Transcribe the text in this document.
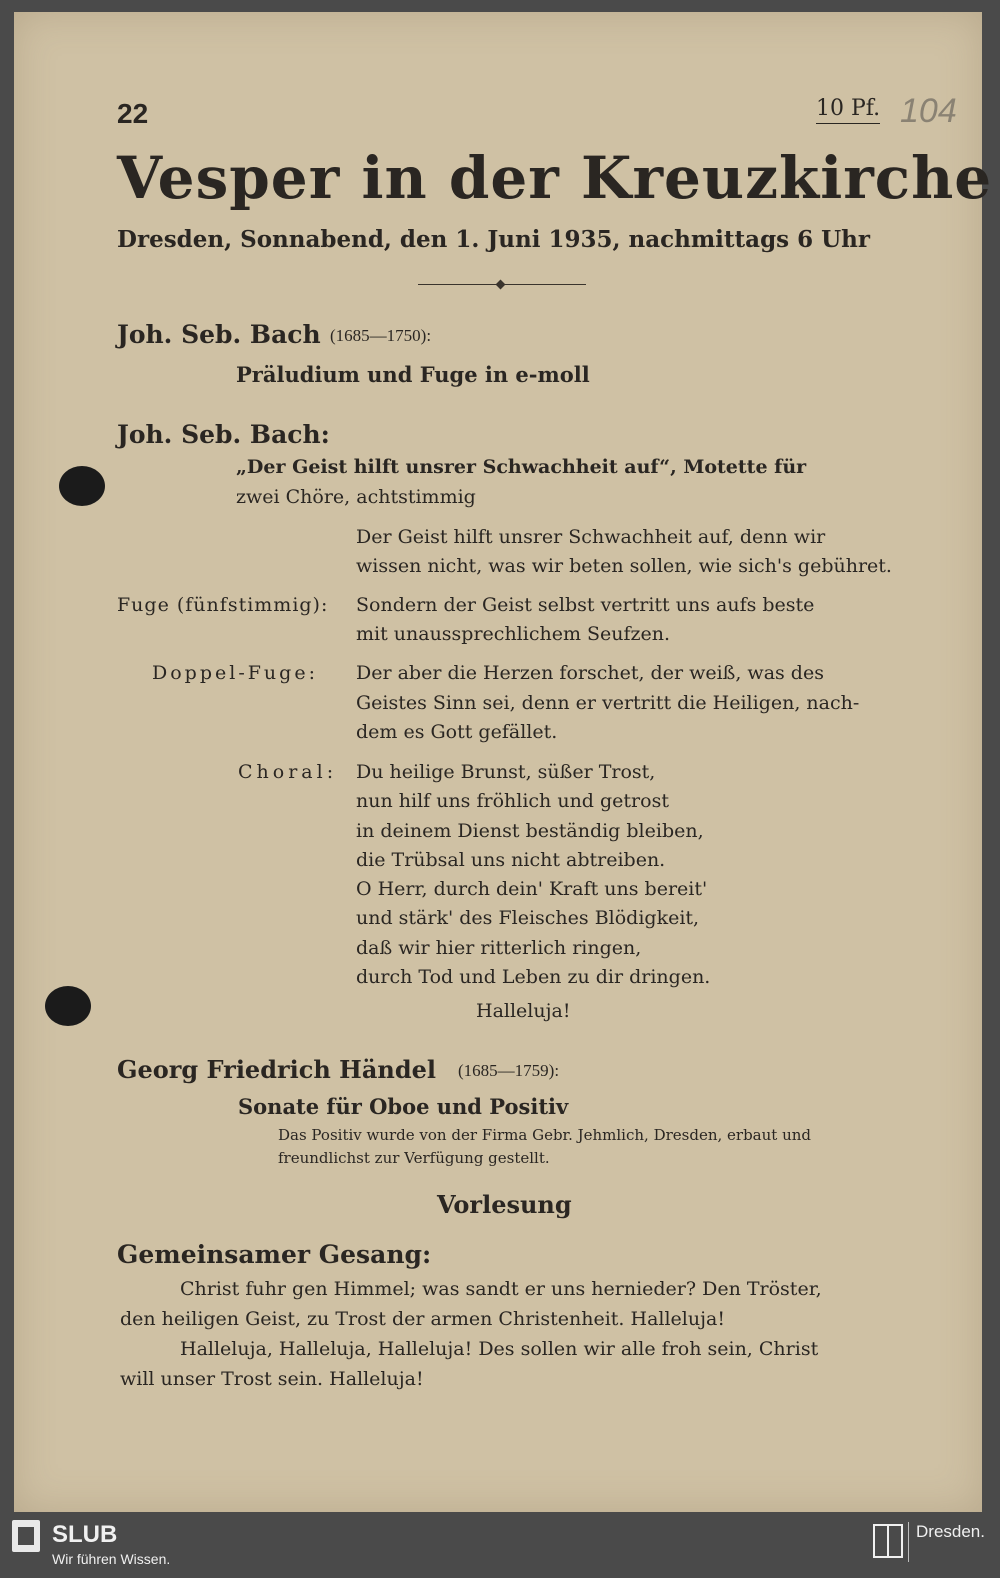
22	10 Pf. 104
Vesper in der Kreuzkirche
Dresden, Sonnabend, den 1. Juni 1935, nachmittags 6 Uhr
Joh. Seb. Bach (1685—1750):
Präludium und Fuge in e-moll
Joh. Seb. Bach:
„Der Geist hilft unsrer Schwachheit auf“, Motette für
zwei Chöre, achtstimmig
Der Geist hilft unsrer Schwachheit auf, denn wir
wissen nicht, was wir beten sollen, wie sich's gebühret.
Fuge (fünfstimmig): Sondern der Geist selbst vertritt uns aufs beste
mit unaussprechlichem Seufzen.
Doppel-Fuge: Der aber die Herzen forschet, der weiß, was des
Geistes Sinn sei, denn er vertritt die Heiligen, nach-
dem es Gott gefället.
Choral: Du heilige Brunst, süßer Trost,
nun hilf uns fröhlich und getrost
in deinem Dienst beständig bleiben,
die Trübsal uns nicht abtreiben.
O Herr, durch dein' Kraft uns bereit'
und stärk' des Fleisches Blödigkeit,
daß wir hier ritterlich ringen,
durch Tod und Leben zu dir dringen.
Halleluja!
Georg Friedrich Händel (1685—1759):
Sonate für Oboe und Positiv
Das Positiv wurde von der Firma Gebr. Jehmlich, Dresden, erbaut und
freundlichst zur Verfügung gestellt.
Vorlesung
Gemeinsamer Gesang:
Christ fuhr gen Himmel; was sandt er uns hernieder? Den Tröster,
den heiligen Geist, zu Trost der armen Christenheit. Halleluja!
Halleluja, Halleluja, Halleluja! Des sollen wir alle froh sein, Christ
will unser Trost sein. Halleluja!
SLUB
Wir führen Wissen.
Dresden.
